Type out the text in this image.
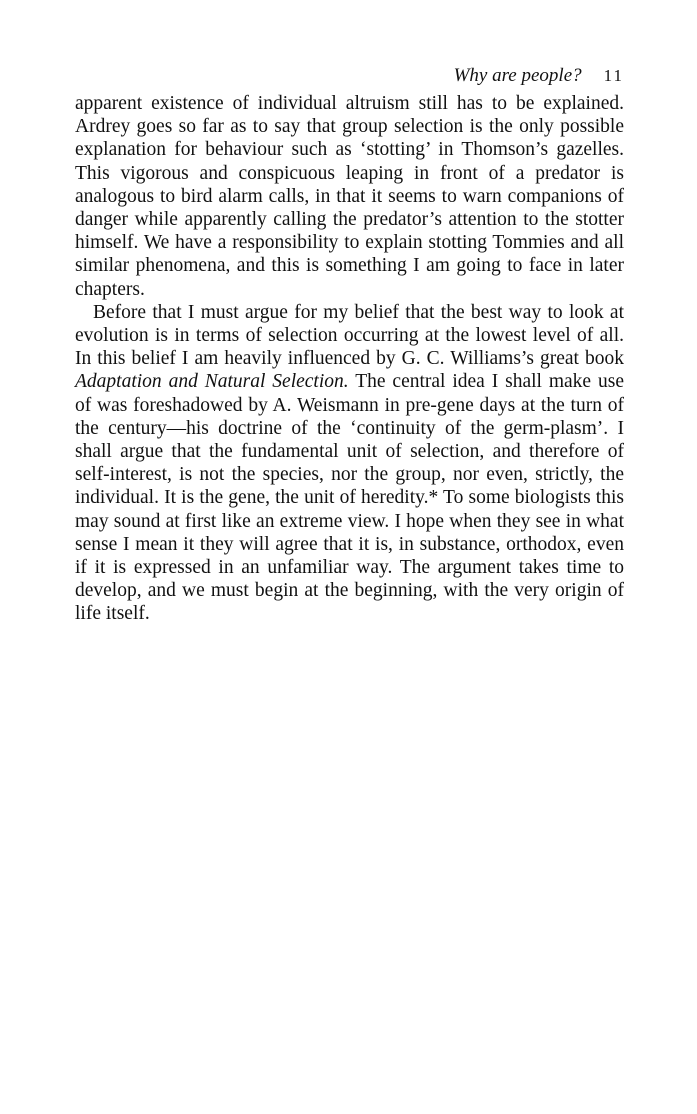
Why are people? 11

apparent existence of individual altruism still has to be explained. Ardrey goes so far as to say that group selection is the only possible explanation for behaviour such as ‘stotting’ in Thomson’s gazelles. This vigorous and conspicuous leaping in front of a predator is analogous to bird alarm calls, in that it seems to warn companions of danger while apparently calling the predator’s attention to the stotter himself. We have a responsibility to explain stotting Tommies and all similar phenomena, and this is something I am going to face in later chapters.

Before that I must argue for my belief that the best way to look at evolution is in terms of selection occurring at the lowest level of all. In this belief I am heavily influenced by G. C. Williams’s great book Adaptation and Natural Selection. The central idea I shall make use of was foreshadowed by A. Weismann in pre-gene days at the turn of the century—his doctrine of the ‘continuity of the germ-plasm’. I shall argue that the fundamental unit of selection, and therefore of self-interest, is not the species, nor the group, nor even, strictly, the individual. It is the gene, the unit of heredity.* To some biologists this may sound at first like an extreme view. I hope when they see in what sense I mean it they will agree that it is, in substance, orthodox, even if it is expressed in an unfamiliar way. The argument takes time to develop, and we must begin at the beginning, with the very origin of life itself.
